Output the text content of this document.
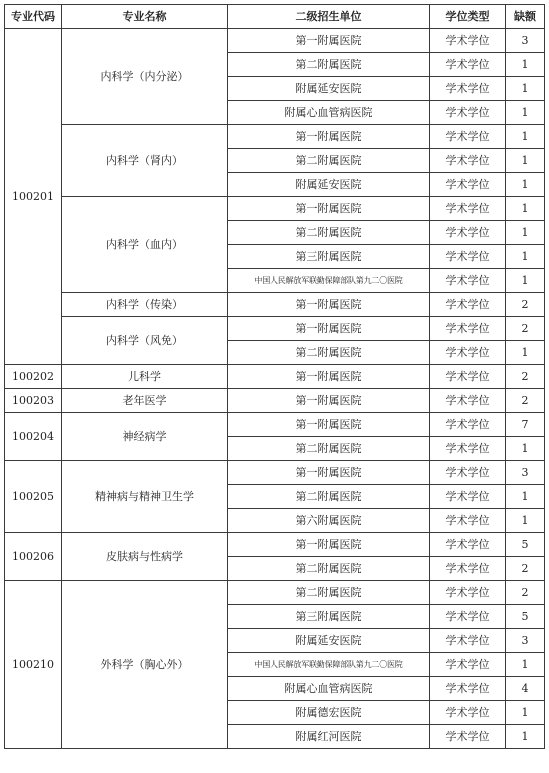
专业代码	专业名称	二级招生单位	学位类型	缺额
100201	内科学（内分泌）	第一附属医院	学术学位	3
		第二附属医院	学术学位	1
		附属延安医院	学术学位	1
		附属心血管病医院	学术学位	1
	内科学（肾内）	第一附属医院	学术学位	1
		第二附属医院	学术学位	1
		附属延安医院	学术学位	1
	内科学（血内）	第一附属医院	学术学位	1
		第二附属医院	学术学位	1
		第三附属医院	学术学位	1
		中国人民解放军联勤保障部队第九二〇医院	学术学位	1
	内科学（传染）	第一附属医院	学术学位	2
	内科学（风免）	第一附属医院	学术学位	2
		第二附属医院	学术学位	1
100202	儿科学	第一附属医院	学术学位	2
100203	老年医学	第一附属医院	学术学位	2
100204	神经病学	第一附属医院	学术学位	7
		第二附属医院	学术学位	1
100205	精神病与精神卫生学	第一附属医院	学术学位	3
		第二附属医院	学术学位	1
		第六附属医院	学术学位	1
100206	皮肤病与性病学	第一附属医院	学术学位	5
		第二附属医院	学术学位	2
100210	外科学（胸心外）	第二附属医院	学术学位	2
		第三附属医院	学术学位	5
		附属延安医院	学术学位	3
		中国人民解放军联勤保障部队第九二〇医院	学术学位	1
		附属心血管病医院	学术学位	4
		附属德宏医院	学术学位	1
		附属红河医院	学术学位	1
